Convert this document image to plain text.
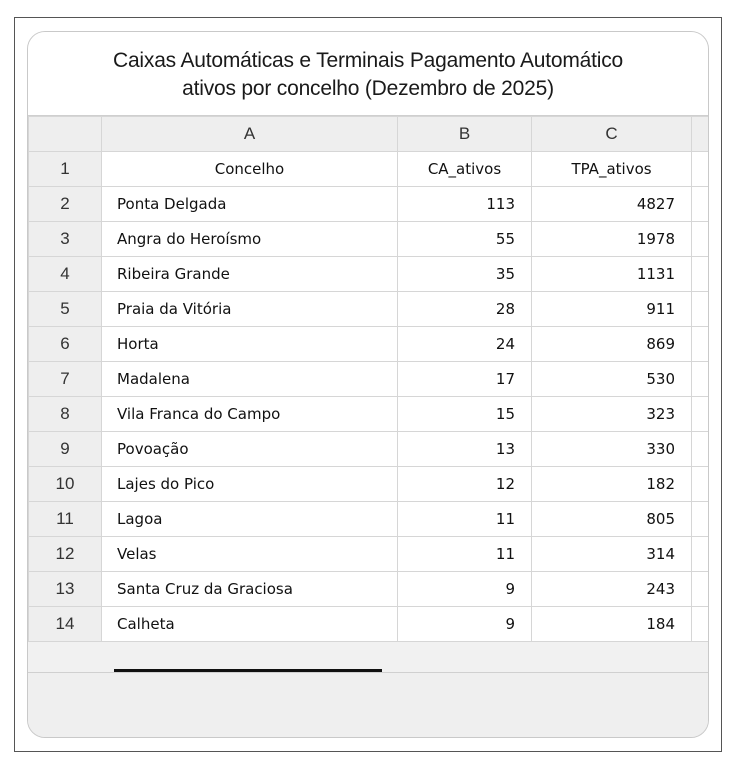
Caixas Automáticas e Terminais Pagamento Automático
ativos por concelho (Dezembro de 2025)
	A	B	C	
1	Concelho	CA_ativos	TPA_ativos	
2	Ponta Delgada	113	4827	
3	Angra do Heroísmo	55	1978	
4	Ribeira Grande	35	1131	
5	Praia da Vitória	28	911	
6	Horta	24	869	
7	Madalena	17	530	
8	Vila Franca do Campo	15	323	
9	Povoação	13	330	
10	Lajes do Pico	12	182	
11	Lagoa	11	805	
12	Velas	11	314	
13	Santa Cruz da Graciosa	9	243	
14	Calheta	9	184	
